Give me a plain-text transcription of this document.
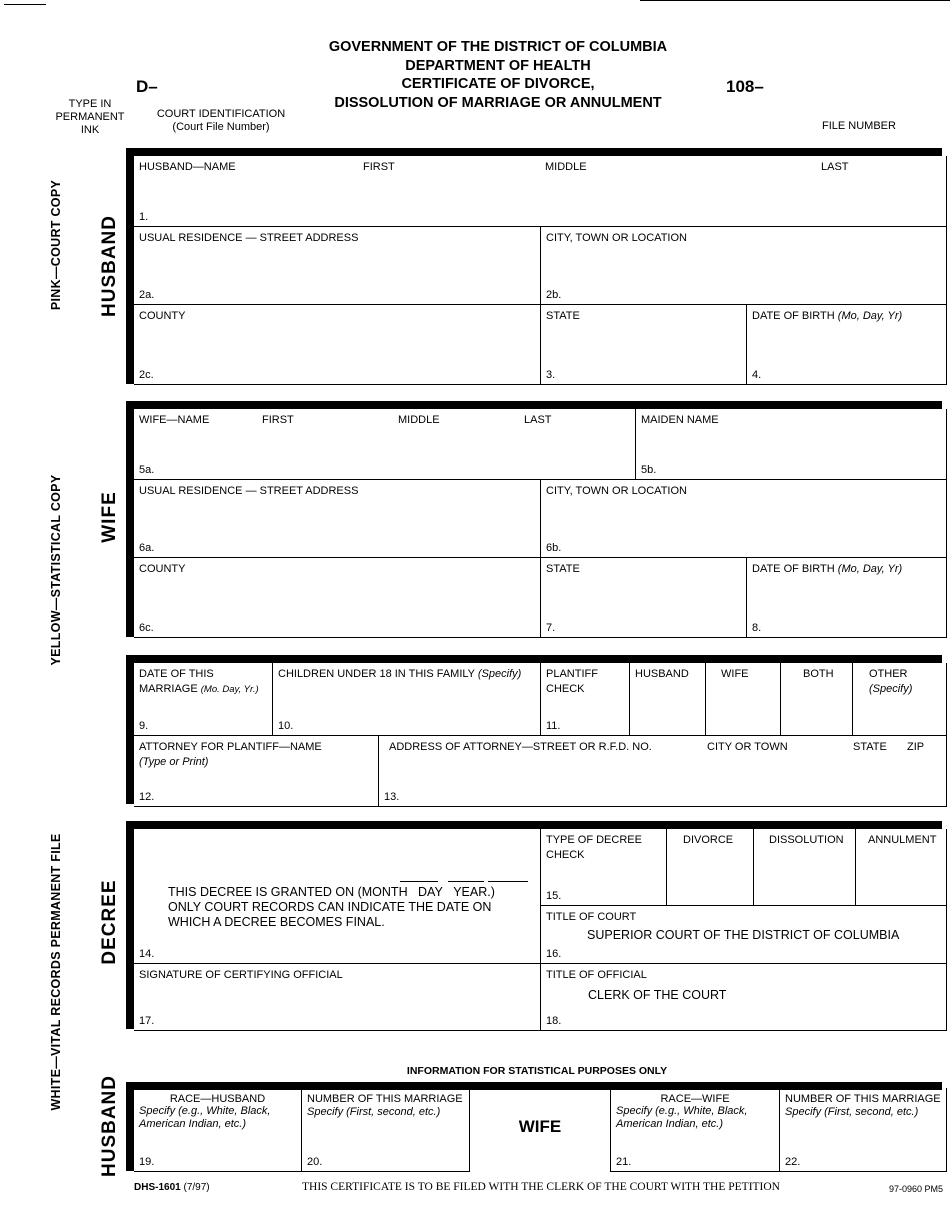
GOVERNMENT OF THE DISTRICT OF COLUMBIA
DEPARTMENT OF HEALTH
CERTIFICATE OF DIVORCE,
DISSOLUTION OF MARRIAGE OR ANNULMENT
D–	108–
TYPE IN
PERMANENT
INK
COURT IDENTIFICATION
(Court File Number)	FILE NUMBER
PINK—COURT COPY
YELLOW—STATISTICAL COPY
WHITE—VITAL RECORDS PERMANENT FILE
HUSBAND
WIFE
DECREE
HUSBAND
HUSBAND—NAME	FIRST	MIDDLE	LAST
1.
USUAL RESIDENCE — STREET ADDRESS
2a.
CITY, TOWN OR LOCATION
2b.
COUNTY
2c.
STATE
3.
DATE OF BIRTH (Mo, Day, Yr)
4.
WIFE—NAME	FIRST	MIDDLE	LAST
5a.
MAIDEN NAME
5b.
USUAL RESIDENCE — STREET ADDRESS
6a.
CITY, TOWN OR LOCATION
6b.
COUNTY
6c.
STATE
7.
DATE OF BIRTH (Mo, Day, Yr)
8.
DATE OF THIS
MARRIAGE (Mo. Day, Yr.)
9.
CHILDREN UNDER 18 IN THIS FAMILY (Specify)
10.
PLANTIFF
CHECK
11.
HUSBAND	WIFE	BOTH	OTHER
(Specify)
ATTORNEY FOR PLANTIFF—NAME
(Type or Print)
12.
ADDRESS OF ATTORNEY—STREET OR R.F.D. NO.	CITY OR TOWN	STATE ZIP
13.
THIS DECREE IS GRANTED ON (MONTH DAY YEAR.)
ONLY COURT RECORDS CAN INDICATE THE DATE ON
WHICH A DECREE BECOMES FINAL.
14.
TYPE OF DECREE
CHECK
15.
DIVORCE	DISSOLUTION ANNULMENT
TITLE OF COURT
SUPERIOR COURT OF THE DISTRICT OF COLUMBIA
16.
SIGNATURE OF CERTIFYING OFFICIAL
17.
TITLE OF OFFICIAL
CLERK OF THE COURT
18.
INFORMATION FOR STATISTICAL PURPOSES ONLY
RACE—HUSBAND
Specify (e.g., White, Black,
American Indian, etc.)
19.
NUMBER OF THIS MARRIAGE
Specify (First, second, etc.)
20.
WIFE
RACE—WIFE
Specify (e.g., White, Black,
American Indian, etc.)
21.
NUMBER OF THIS MARRIAGE
Specify (First, second, etc.)
22.
DHS-1601 (7/97)	THIS CERTIFICATE IS TO BE FILED WITH THE CLERK OF THE COURT WITH THE PETITION	97-0960 PM5
